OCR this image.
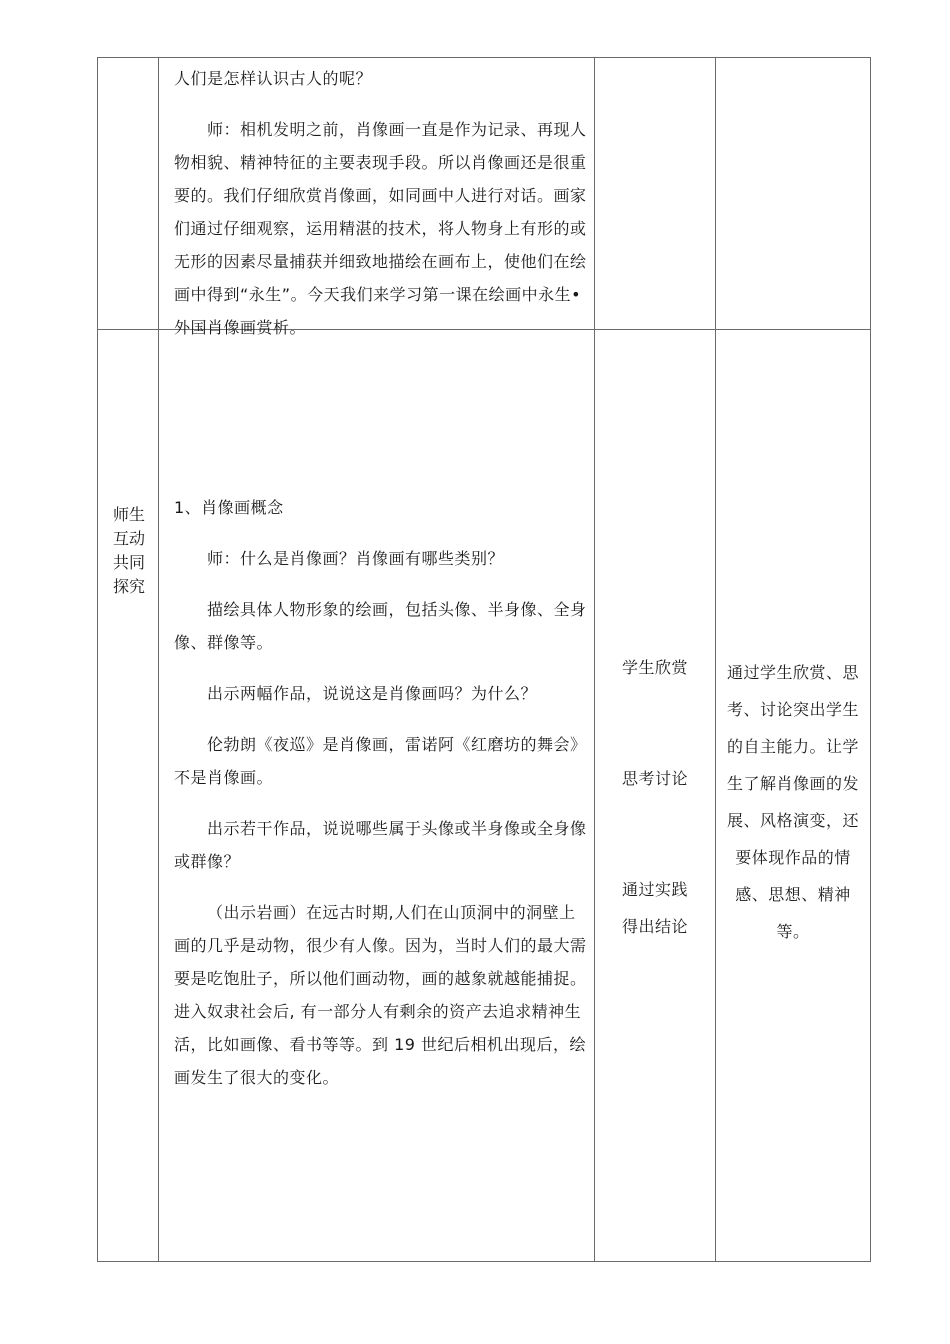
人们是怎样认识古人的呢？

师：相机发明之前，肖像画一直是作为记录、再现人物相貌、精神特征的主要表现手段。所以肖像画还是很重要的。我们仔细欣赏肖像画，如同画中人进行对话。画家们通过仔细观察，运用精湛的技术，将人物身上有形的或无形的因素尽量捕获并细致地描绘在画布上，使他们在绘画中得到“永生”。今天我们来学习第一课在绘画中永生•外国肖像画赏析。

师生
互动
共同
探究

1、肖像画概念

师：什么是肖像画？肖像画有哪些类别？

描绘具体人物形象的绘画，包括头像、半身像、全身像、群像等。

出示两幅作品，说说这是肖像画吗？为什么？

伦勃朗《夜巡》是肖像画，雷诺阿《红磨坊的舞会》不是肖像画。

出示若干作品，说说哪些属于头像或半身像或全身像或群像？

（出示岩画）在远古时期,人们在山顶洞中的洞壁上画的几乎是动物，很少有人像。因为，当时人们的最大需要是吃饱肚子，所以他们画动物，画的越象就越能捕捉。进入奴隶社会后, 有一部分人有剩余的资产去追求精神生活，比如画像、看书等等。到 19 世纪后相机出现后，绘画发生了很大的变化。

学生欣赏
思考讨论
通过实践
得出结论
通过学生欣赏、思考、讨论突出学生的自主能力。让学生了解肖像画的发展、风格演变，还要体现作品的情感、思想、精神等。
